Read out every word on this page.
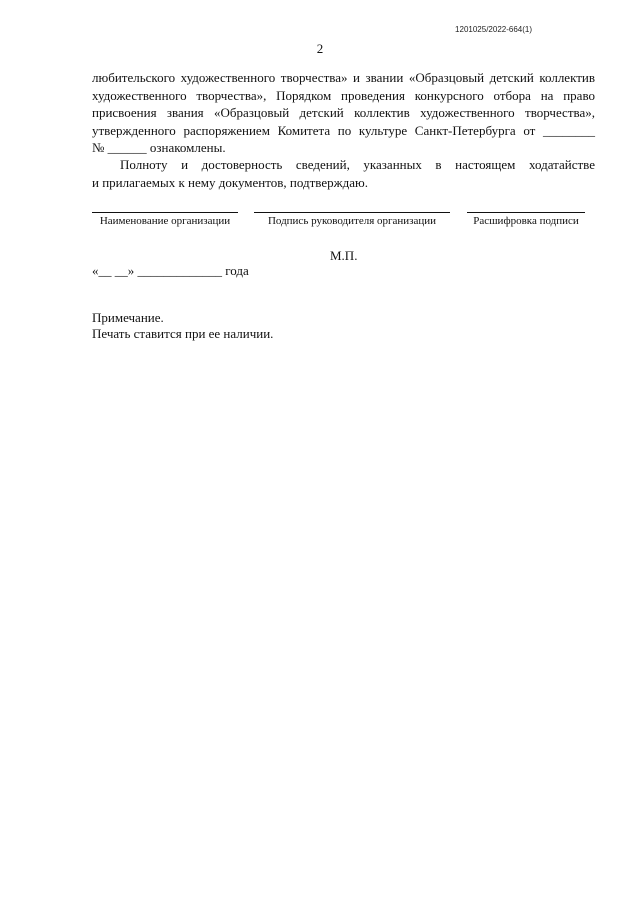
1201025/2022-664(1)
2
любительского художественного творчества» и звании «Образцовый детский коллектив
художественного творчества», Порядком проведения конкурсного отбора на право
присвоения звания «Образцовый детский коллектив художественного творчества»,
утвержденного распоряжением Комитета по культуре Санкт-Петербурга от ________
№ ______ ознакомлены.
Полноту и достоверность сведений, указанных в настоящем ходатайстве
и прилагаемых к нему документов, подтверждаю.
Наименование организации	Подпись руководителя организации	Расшифровка подписи
М.П.
«__ __» _____________ года
Примечание.
Печать ставится при ее наличии.
